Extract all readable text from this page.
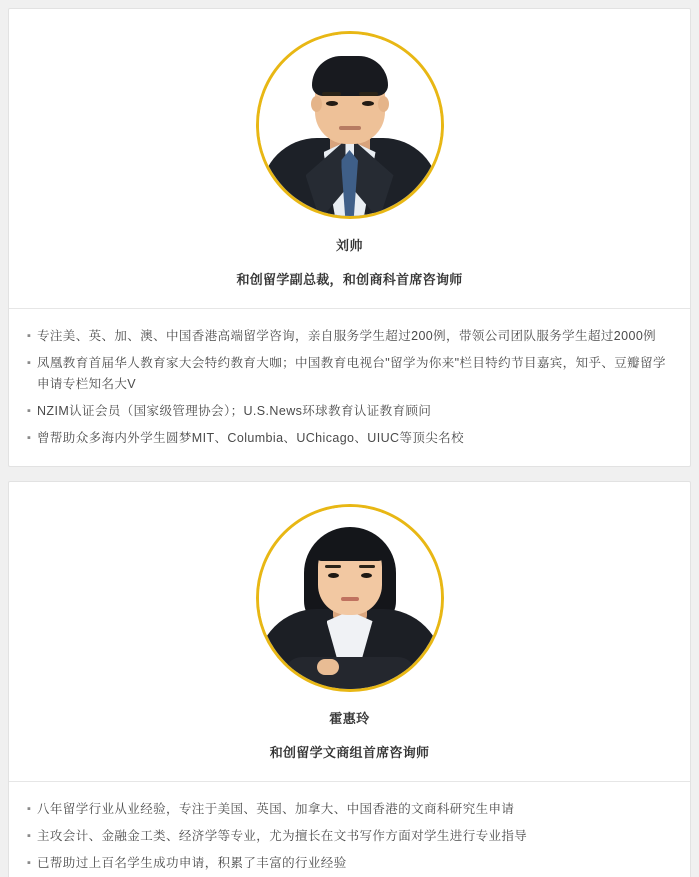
刘帅
和创留学副总裁，和创商科首席咨询师
▪ 专注美、英、加、澳、中国香港高端留学咨询，亲自服务学生超过200例，带领公司团队服务学生超过2000例
▪ 凤凰教育首届华人教育家大会特约教育大咖；中国教育电视台"留学为你来"栏目特约节目嘉宾，知乎、豆瓣留学申请专栏知名大V
▪ NZIM认证会员（国家级管理协会）；U.S.News环球教育认证教育顾问
▪ 曾帮助众多海内外学生圆梦MIT、Columbia、UChicago、UIUC等顶尖名校
霍惠玲
和创留学文商组首席咨询师
▪ 八年留学行业从业经验，专注于美国、英国、加拿大、中国香港的文商科研究生申请
▪ 主攻会计、金融金工类、经济学等专业，尤为擅长在文书写作方面对学生进行专业指导
▪ 已帮助过上百名学生成功申请，积累了丰富的行业经验
